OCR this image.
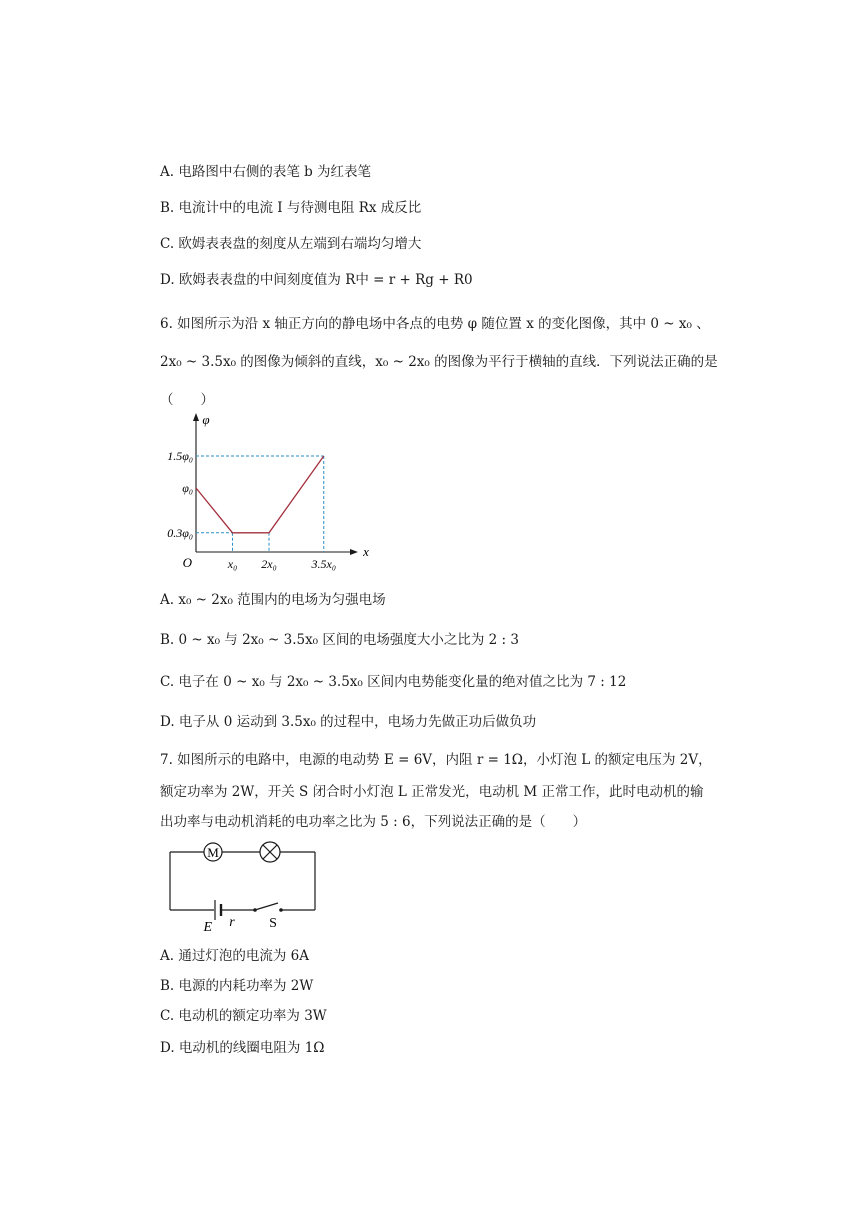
A. 电路图中右侧的表笔 b 为红表笔
B. 电流计中的电流 I 与待测电阻 Rx 成反比
C. 欧姆表表盘的刻度从左端到右端均匀增大
D. 欧姆表表盘的中间刻度值为 R中 = r + Rg + R0
6. 如图所示为沿 x 轴正方向的静电场中各点的电势 φ 随位置 x 的变化图像，其中 0 ~ x₀ 、
2x₀ ~ 3.5x₀ 的图像为倾斜的直线，x₀ ~ 2x₀ 的图像为平行于横轴的直线．下列说法正确的是
（　　）
x
φ
O	x₀ 2x₀	3.5x₀
1.5φ₀
φ₀
0.3φ₀
A. x₀ ~ 2x₀ 范围内的电场为匀强电场
B. 0 ~ x₀ 与 2x₀ ~ 3.5x₀ 区间的电场强度大小之比为 2 : 3
C. 电子在 0 ~ x₀ 与 2x₀ ~ 3.5x₀ 区间内电势能变化量的绝对值之比为 7 : 12
D. 电子从 0 运动到 3.5x₀ 的过程中，电场力先做正功后做负功
7. 如图所示的电路中，电源的电动势 E = 6V，内阻 r = 1Ω，小灯泡 L 的额定电压为 2V，
额定功率为 2W，开关 S 闭合时小灯泡 L 正常发光，电动机 M 正常工作，此时电动机的输
出功率与电动机消耗的电功率之比为 5 : 6，下列说法正确的是（　　）
M
E r S
A. 通过灯泡的电流为 6A
B. 电源的内耗功率为 2W
C. 电动机的额定功率为 3W
D. 电动机的线圈电阻为 1Ω
